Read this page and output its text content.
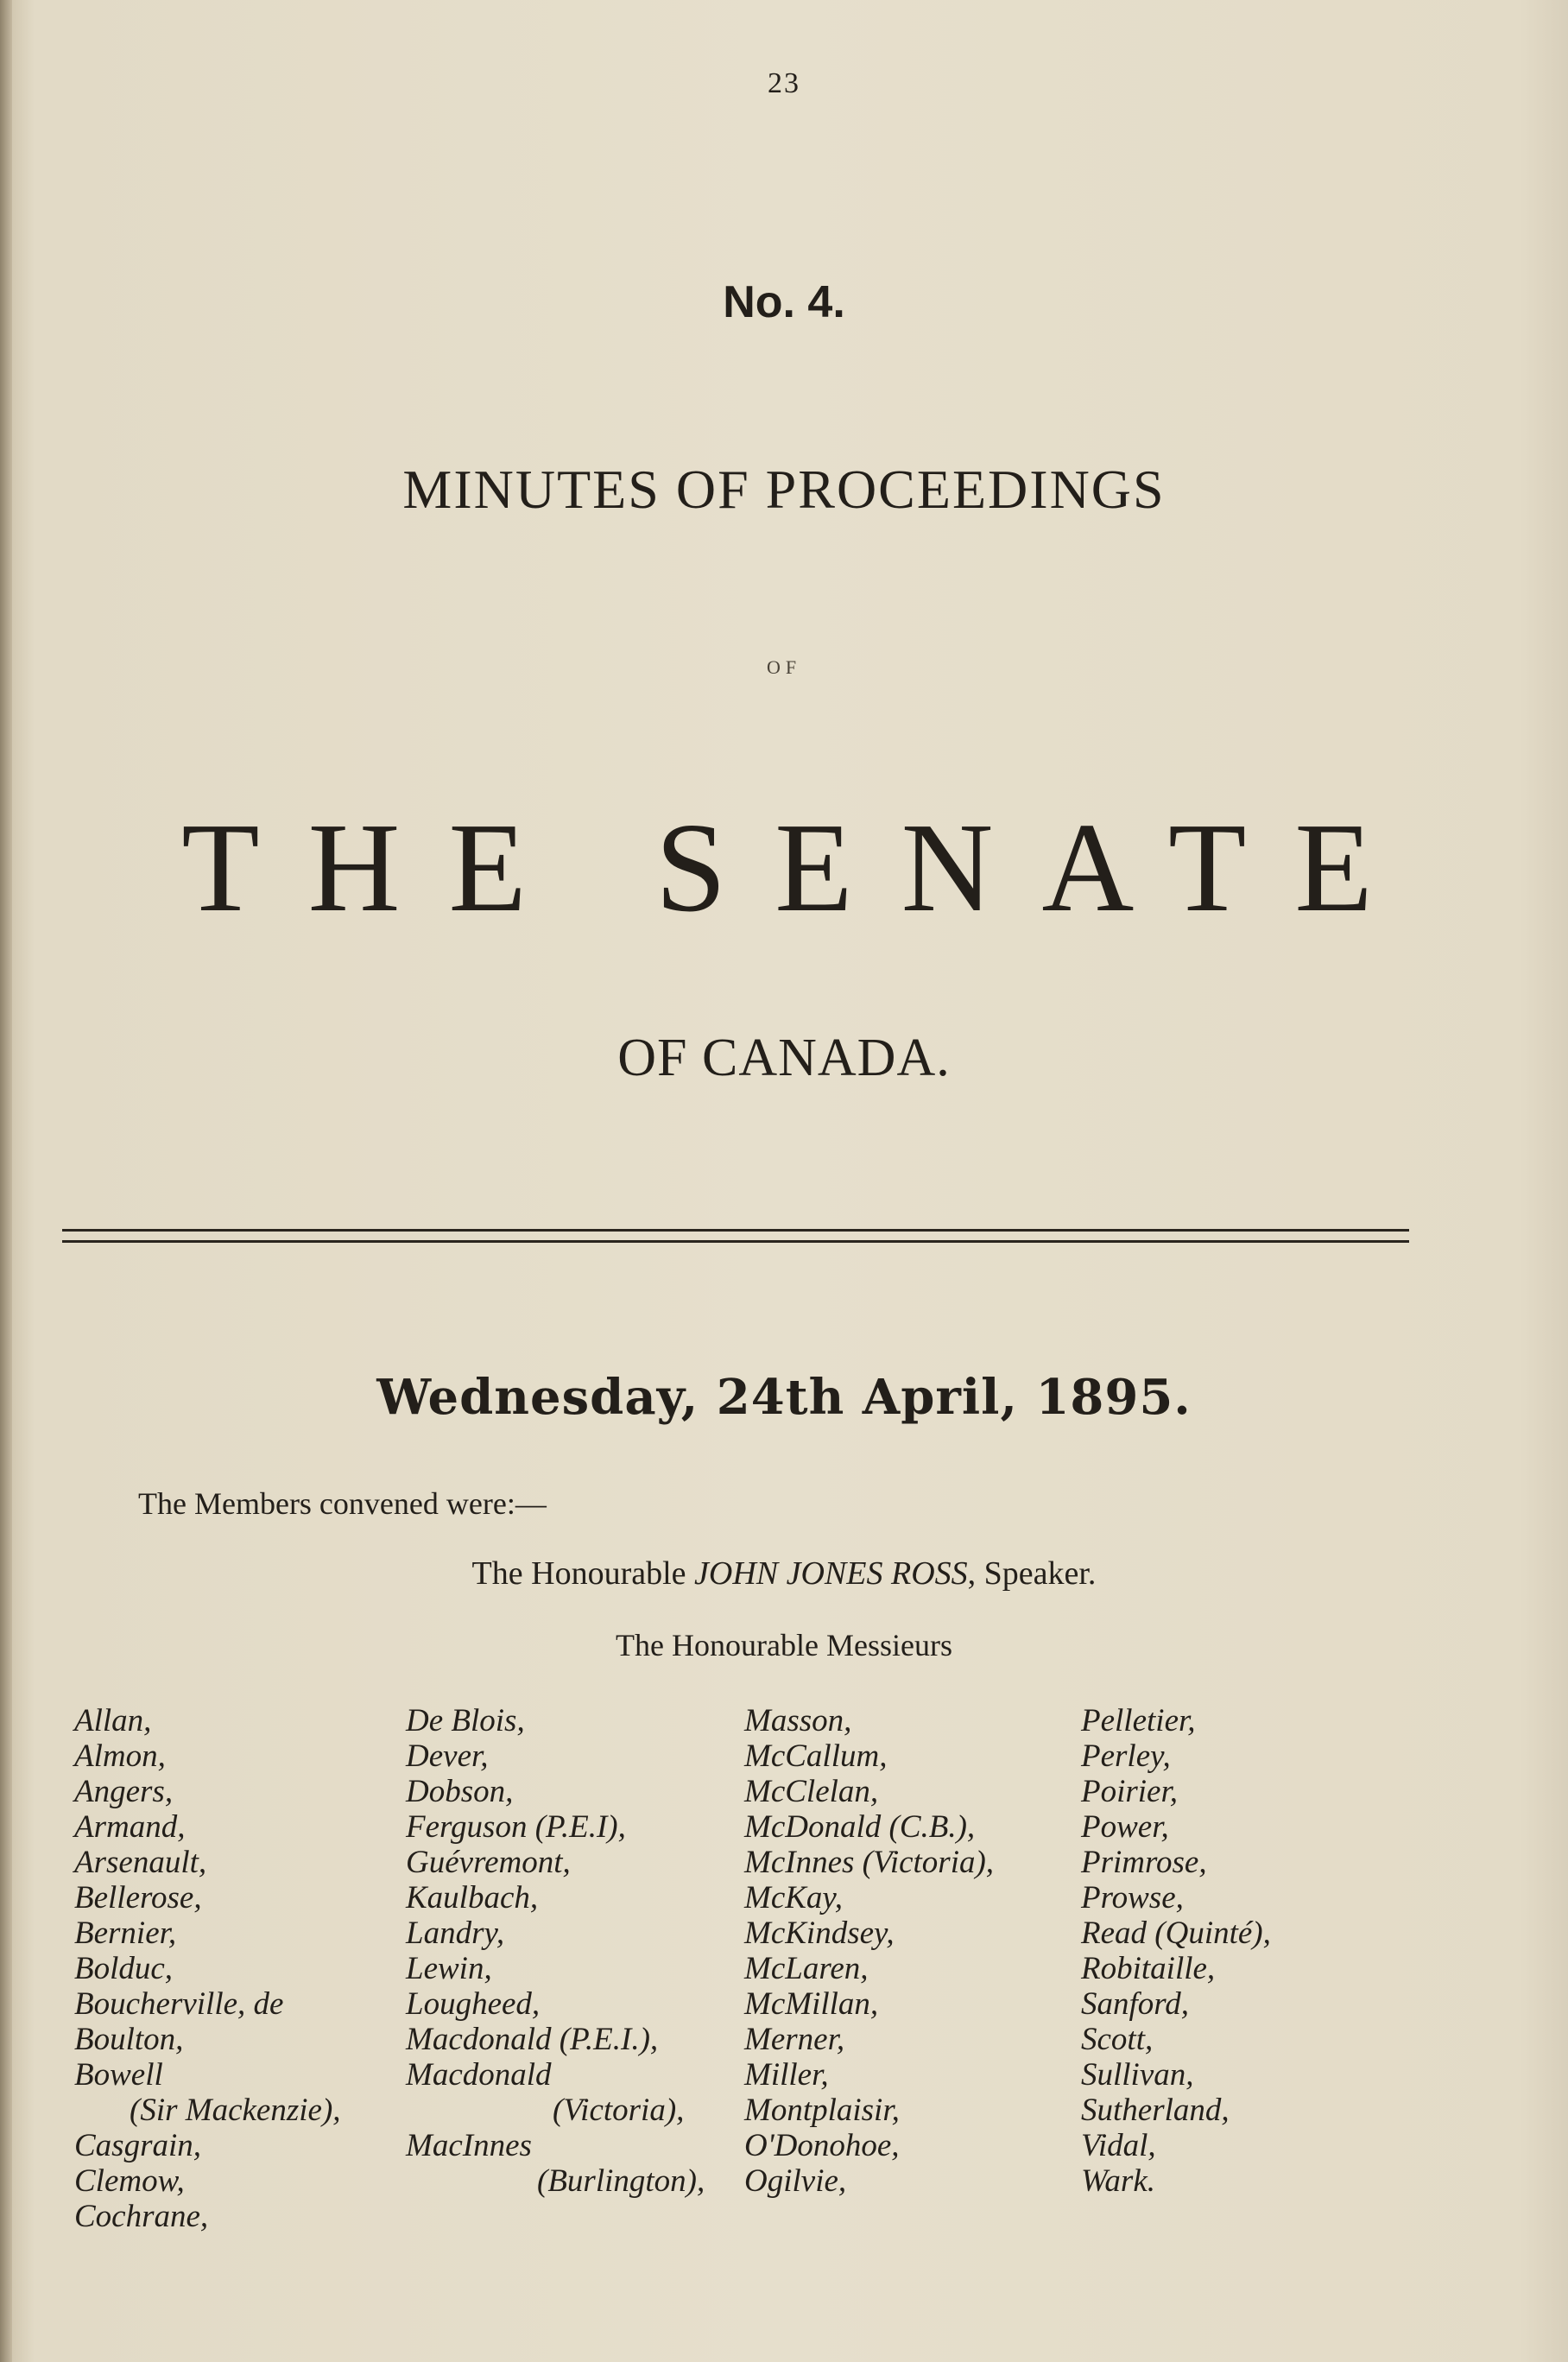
23
No. 4.
MINUTES OF PROCEEDINGS
OF
THE SENATE
OF CANADA.
Wednesday, 24th April, 1895.
The Members convened were:—
The Honourable JOHN JONES ROSS, Speaker.
The Honourable Messieurs
Allan,
Almon,
Angers,
Armand,
Arsenault,
Bellerose,
Bernier,
Bolduc,
Boucherville, de
Boulton,
Bowell
(Sir Mackenzie),
Casgrain,
Clemow,
Cochrane,
De Blois,
Dever,
Dobson,
Ferguson (P.E.I),
Guévremont,
Kaulbach,
Landry,
Lewin,
Lougheed,
Macdonald (P.E.I.),
Macdonald
(Victoria),
MacInnes
(Burlington),
Masson,
McCallum,
McClelan,
McDonald (C.B.),
McInnes (Victoria),
McKay,
McKindsey,
McLaren,
McMillan,
Merner,
Miller,
Montplaisir,
O'Donohoe,
Ogilvie,
Pelletier,
Perley,
Poirier,
Power,
Primrose,
Prowse,
Read (Quinté),
Robitaille,
Sanford,
Scott,
Sullivan,
Sutherland,
Vidal,
Wark.
